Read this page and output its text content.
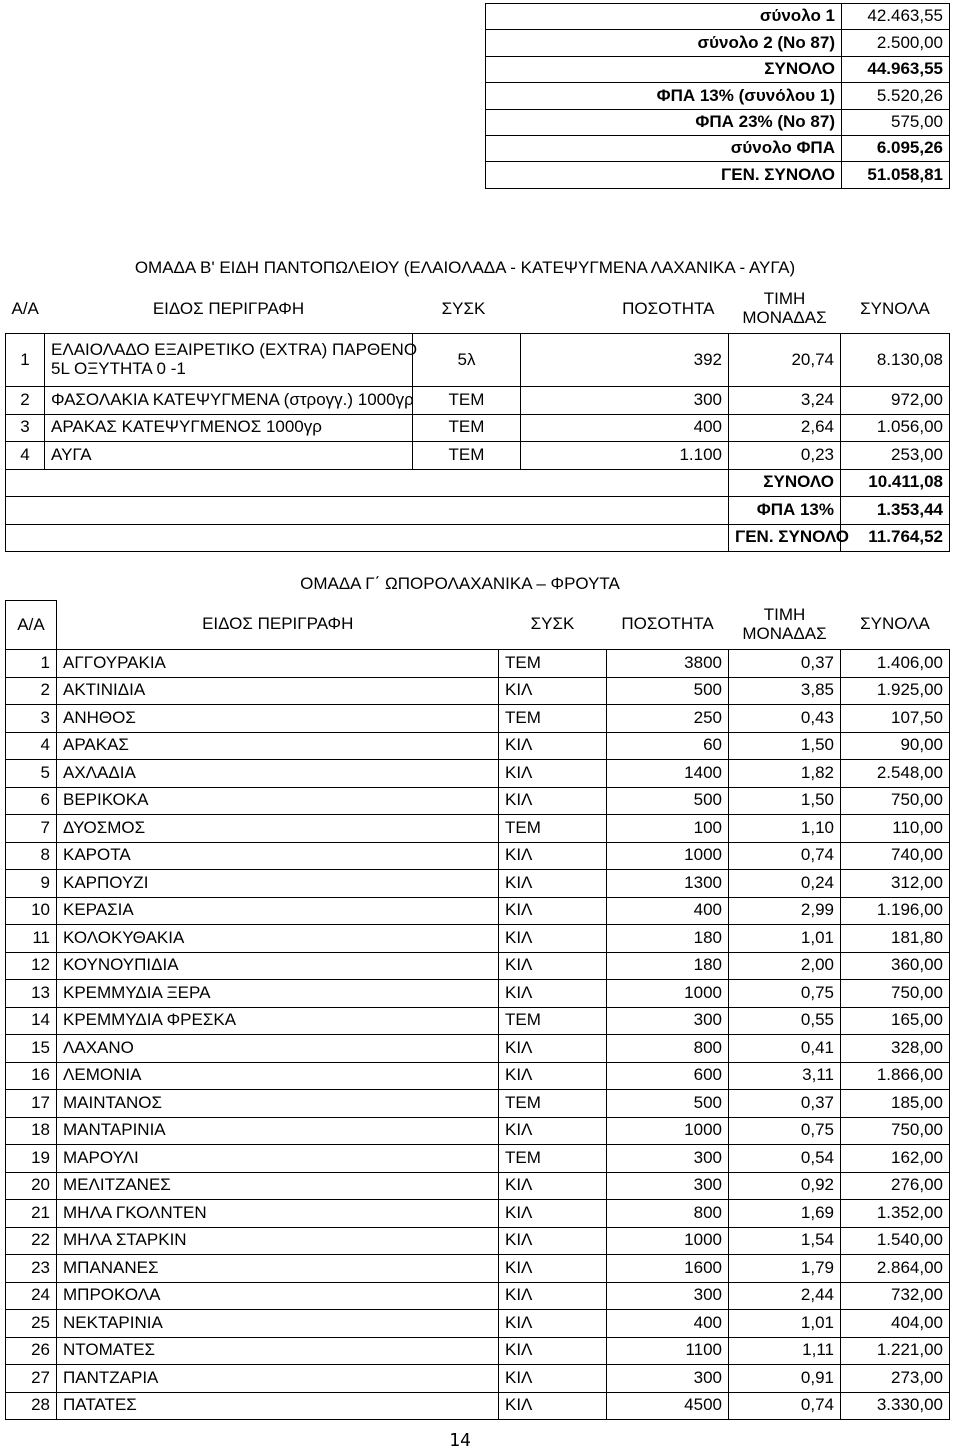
σύνολο 1	42.463,55
σύνολο 2 (Νο 87)	2.500,00
ΣΥΝΟΛΟ	44.963,55
ΦΠΑ 13% (συνόλου 1)	5.520,26
ΦΠΑ 23% (Νο 87)	575,00
σύνολο ΦΠΑ	6.095,26
ΓΕΝ. ΣΥΝΟΛΟ	51.058,81
ΟΜΑΔΑ Β' ΕΙΔΗ ΠΑΝΤΟΠΩΛΕΙΟΥ (ΕΛΑΙΟΛΑΔΑ - ΚΑΤΕΨΥΓΜΕΝΑ ΛΑΧΑΝΙΚΑ - ΑΥΓΑ)
Α/Α	ΕΙΔΟΣ ΠΕΡΙΓΡΑΦΗ	ΣΥΣΚ	ΠΟΣΟΤΗΤΑ	ΤΙΜΗ
ΜΟΝΑΔΑΣ	ΣΥΝΟΛΑ
1	ΕΛΑΙΟΛΑΔΟ ΕΞΑΙΡΕΤΙΚΟ (EXTRA) ΠΑΡΘΕΝΟ
5L ΟΞΥΤΗΤΑ 0 -1	5λ	392	20,74	8.130,08
2	ΦΑΣΟΛΑΚΙΑ ΚΑΤΕΨΥΓΜΕΝΑ (στρογγ.) 1000γρ	ΤΕΜ	300	3,24	972,00
3	ΑΡΑΚΑΣ ΚΑΤΕΨΥΓΜΕΝΟΣ 1000γρ	ΤΕΜ	400	2,64	1.056,00
4	ΑΥΓΑ	ΤΕΜ	1.100	0,23	253,00
				ΣΥΝΟΛΟ	10.411,08
				ΦΠΑ 13%	1.353,44
				ΓΕΝ. ΣΥΝΟΛΟ	11.764,52
ΟΜΑΔΑ Γ΄ ΩΠΟΡΟΛΑΧΑΝΙΚΑ – ΦΡΟΥΤΑ
Α/Α	ΕΙΔΟΣ ΠΕΡΙΓΡΑΦΗ	ΣΥΣΚ	ΠΟΣΟΤΗΤΑ	ΤΙΜΗ
ΜΟΝΑΔΑΣ	ΣΥΝΟΛΑ
1	ΑΓΓΟΥΡΑΚΙΑ	ΤΕΜ	3800	0,37	1.406,00
2	ΑΚΤΙΝΙΔΙΑ	ΚΙΛ	500	3,85	1.925,00
3	ΑΝΗΘΟΣ	ΤΕΜ	250	0,43	107,50
4	ΑΡΑΚΑΣ	ΚΙΛ	60	1,50	90,00
5	ΑΧΛΑΔΙΑ	ΚΙΛ	1400	1,82	2.548,00
6	ΒΕΡΙΚΟΚΑ	ΚΙΛ	500	1,50	750,00
7	ΔΥΟΣΜΟΣ	ΤΕΜ	100	1,10	110,00
8	ΚΑΡΟΤΑ	ΚΙΛ	1000	0,74	740,00
9	ΚΑΡΠΟΥΖΙ	ΚΙΛ	1300	0,24	312,00
10	ΚΕΡΑΣΙΑ	ΚΙΛ	400	2,99	1.196,00
11	ΚΟΛΟΚΥΘΑΚΙΑ	ΚΙΛ	180	1,01	181,80
12	ΚΟΥΝΟΥΠΙΔΙΑ	ΚΙΛ	180	2,00	360,00
13	ΚΡΕΜΜΥΔΙΑ ΞΕΡΑ	ΚΙΛ	1000	0,75	750,00
14	ΚΡΕΜΜΥΔΙΑ ΦΡΕΣΚΑ	ΤΕΜ	300	0,55	165,00
15	ΛΑΧΑΝΟ	ΚΙΛ	800	0,41	328,00
16	ΛΕΜΟΝΙΑ	ΚΙΛ	600	3,11	1.866,00
17	ΜΑΙΝΤΑΝΟΣ	ΤΕΜ	500	0,37	185,00
18	ΜΑΝΤΑΡΙΝΙΑ	ΚΙΛ	1000	0,75	750,00
19	ΜΑΡΟΥΛΙ	ΤΕΜ	300	0,54	162,00
20	ΜΕΛΙΤΖΑΝΕΣ	ΚΙΛ	300	0,92	276,00
21	ΜΗΛΑ ΓΚΟΛΝΤΕΝ	ΚΙΛ	800	1,69	1.352,00
22	ΜΗΛΑ ΣΤΑΡΚΙΝ	ΚΙΛ	1000	1,54	1.540,00
23	ΜΠΑΝΑΝΕΣ	ΚΙΛ	1600	1,79	2.864,00
24	ΜΠΡΟΚΟΛΑ	ΚΙΛ	300	2,44	732,00
25	ΝΕΚΤΑΡΙΝΙΑ	ΚΙΛ	400	1,01	404,00
26	ΝΤΟΜΑΤΕΣ	ΚΙΛ	1100	1,11	1.221,00
27	ΠΑΝΤΖΑΡΙΑ	ΚΙΛ	300	0,91	273,00
28	ΠΑΤΑΤΕΣ	ΚΙΛ	4500	0,74	3.330,00
14
